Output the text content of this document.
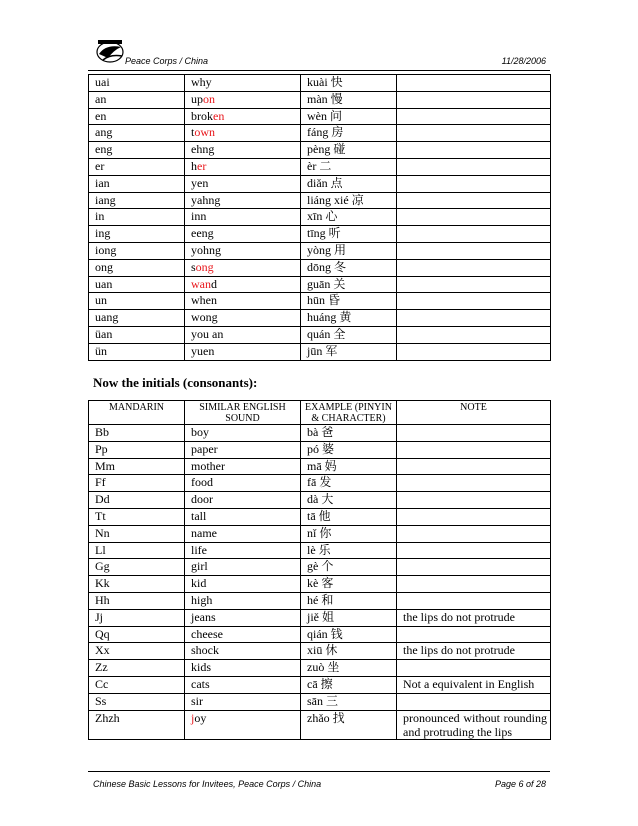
Peace Corps / China	11/28/2006
uai	why	kuài 快	
an	upon	màn 慢	
en	broken	wèn 问	
ang	town	fáng 房	
eng	ehng	pèng 碰	
er	her	èr 二	
ian	yen	diǎn 点	
iang	yahng	liáng xié 凉	
in	inn	xīn 心	
ing	eeng	tīng 听	
iong	yohng	yòng 用	
ong	song	dōng 冬	
uan	wand	guān 关	
un	when	hūn 昏	
uang	wong	huáng 黄	
üan	you an	quán 全	
ün	yuen	jūn 军	
Now the initials (consonants):
MANDARIN	SIMILAR ENGLISH SOUND	EXAMPLE (PINYIN & CHARACTER)	NOTE
Bb	boy	bà 爸	
Pp	paper	pó 婆	
Mm	mother	mā 妈	
Ff	food	fā 发	
Dd	door	dà 大	
Tt	tall	tā 他	
Nn	name	nǐ 你	
Ll	life	lè 乐	
Gg	girl	gè 个	
Kk	kid	kè 客	
Hh	high	hé 和	
Jj	jeans	jiě 姐	the lips do not protrude
Qq	cheese	qián 钱	
Xx	shock	xiū 休	the lips do not protrude
Zz	kids	zuò 坐	
Cc	cats	cā 擦	Not a equivalent in English
Ss	sir	sān 三	
Zhzh	joy	zhǎo 找	pronounced without rounding and protruding the lips
Chinese Basic Lessons for Invitees, Peace Corps / China	Page 6 of 28
